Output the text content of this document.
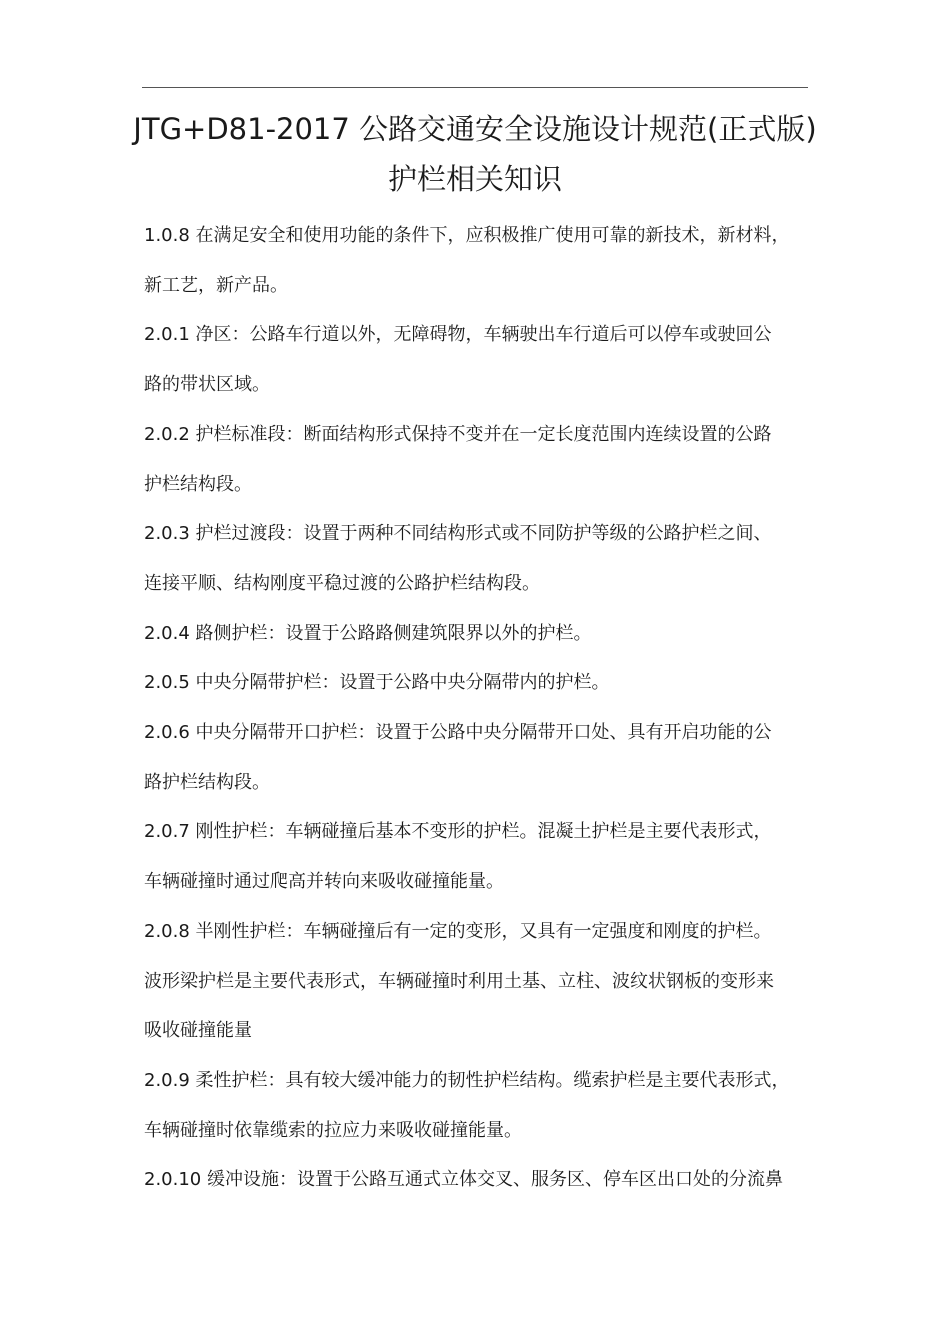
JTG+D81-2017 公路交通安全设施设计规范(正式版)
护栏相关知识

1.0.8 在满足安全和使用功能的条件下，应积极推广使用可靠的新技术，新材料，
新工艺，新产品。

2.0.1 净区：公路车行道以外，无障碍物，车辆驶出车行道后可以停车或驶回公
路的带状区域。

2.0.2 护栏标准段：断面结构形式保持不变并在一定长度范围内连续设置的公路
护栏结构段。

2.0.3 护栏过渡段：设置于两种不同结构形式或不同防护等级的公路护栏之间、
连接平顺、结构刚度平稳过渡的公路护栏结构段。

2.0.4 路侧护栏：设置于公路路侧建筑限界以外的护栏。

2.0.5 中央分隔带护栏：设置于公路中央分隔带内的护栏。

2.0.6 中央分隔带开口护栏：设置于公路中央分隔带开口处、具有开启功能的公
路护栏结构段。

2.0.7 刚性护栏：车辆碰撞后基本不变形的护栏。混凝土护栏是主要代表形式，
车辆碰撞时通过爬高并转向来吸收碰撞能量。

2.0.8 半刚性护栏：车辆碰撞后有一定的变形，又具有一定强度和刚度的护栏。
波形梁护栏是主要代表形式，车辆碰撞时利用土基、立柱、波纹状钢板的变形来
吸收碰撞能量

2.0.9 柔性护栏：具有较大缓冲能力的韧性护栏结构。缆索护栏是主要代表形式，
车辆碰撞时依靠缆索的拉应力来吸收碰撞能量。

2.0.10 缓冲设施：设置于公路互通式立体交叉、服务区、停车区出口处的分流鼻
